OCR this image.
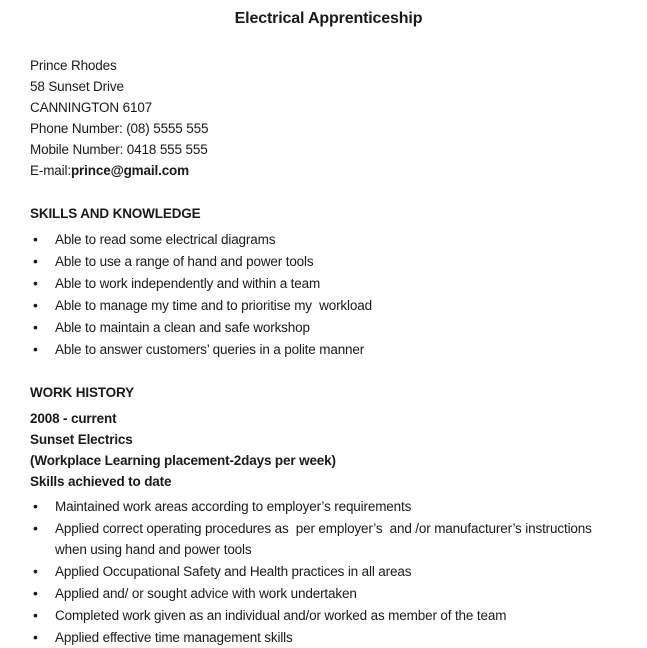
Electrical Apprenticeship
Prince Rhodes
58 Sunset Drive
CANNINGTON 6107
Phone Number: (08) 5555 555
Mobile Number: 0418 555 555

E-mail:prince@gmail.com

SKILLS AND KNOWLEDGE
• Able to read some electrical diagrams
• Able to use a range of hand and power tools
• Able to work independently and within a team
• Able to manage my time and to prioritise my  workload
• Able to maintain a clean and safe workshop
• Able to answer customers’ queries in a polite manner
WORK HISTORY

2008 - current

Sunset Electrics

(Workplace Learning placement-2days per week)

Skills achieved to date

• Maintained work areas according to employer’s requirements
• Applied correct operating procedures as  per employer’s  and /or manufacturer’s instructions when using hand and power tools
• Applied Occupational Safety and Health practices in all areas
• Applied and/ or sought advice with work undertaken
• Completed work given as an individual and/or worked as member of the team
• Applied effective time management skills
